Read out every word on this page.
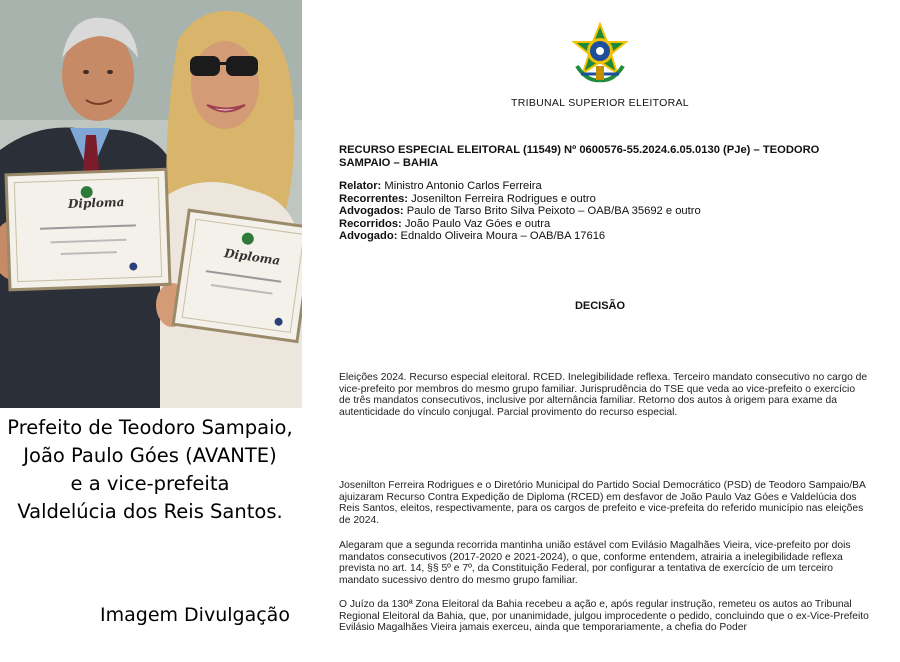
Diploma
Diploma
Prefeito de Teodoro Sampaio,
João Paulo Góes (AVANTE)
e a vice-prefeita
Valdelúcia dos Reis Santos.
Imagem Divulgação
TRIBUNAL SUPERIOR ELEITORAL
RECURSO ESPECIAL ELEITORAL (11549) Nº 0600576-55.2024.6.05.0130 (PJe) – TEODORO SAMPAIO – BAHIA
Relator: Ministro Antonio Carlos Ferreira
Recorrentes: Josenilton Ferreira Rodrigues e outro
Advogados: Paulo de Tarso Brito Silva Peixoto – OAB/BA 35692 e outro
Recorridos: João Paulo Vaz Góes e outra
Advogado: Ednaldo Oliveira Moura – OAB/BA 17616
DECISÃO
Eleições 2024. Recurso especial eleitoral. RCED. Inelegibilidade reflexa. Terceiro mandato consecutivo no cargo de vice-prefeito por membros do mesmo grupo familiar. Jurisprudência do TSE que veda ao vice-prefeito o exercício de três mandatos consecutivos, inclusive por alternância familiar. Retorno dos autos à origem para exame da autenticidade do vínculo conjugal. Parcial provimento do recurso especial.
Josenilton Ferreira Rodrigues e o Diretório Municipal do Partido Social Democrático (PSD) de Teodoro Sampaio/BA ajuizaram Recurso Contra Expedição de Diploma (RCED) em desfavor de João Paulo Vaz Góes e Valdelúcia dos Reis Santos, eleitos, respectivamente, para os cargos de prefeito e vice-prefeita do referido município nas eleições de 2024.
Alegaram que a segunda recorrida mantinha união estável com Evilásio Magalhães Vieira, vice-prefeito por dois mandatos consecutivos (2017-2020 e 2021-2024), o que, conforme entendem, atrairia a inelegibilidade reflexa prevista no art. 14, §§ 5º e 7º, da Constituição Federal, por configurar a tentativa de exercício de um terceiro mandato sucessivo dentro do mesmo grupo familiar.
O Juízo da 130ª Zona Eleitoral da Bahia recebeu a ação e, após regular instrução, remeteu os autos ao Tribunal Regional Eleitoral da Bahia, que, por unanimidade, julgou improcedente o pedido, concluindo que o ex-Vice-Prefeito Evilásio Magalhães Vieira jamais exerceu, ainda que temporariamente, a chefia do Poder
